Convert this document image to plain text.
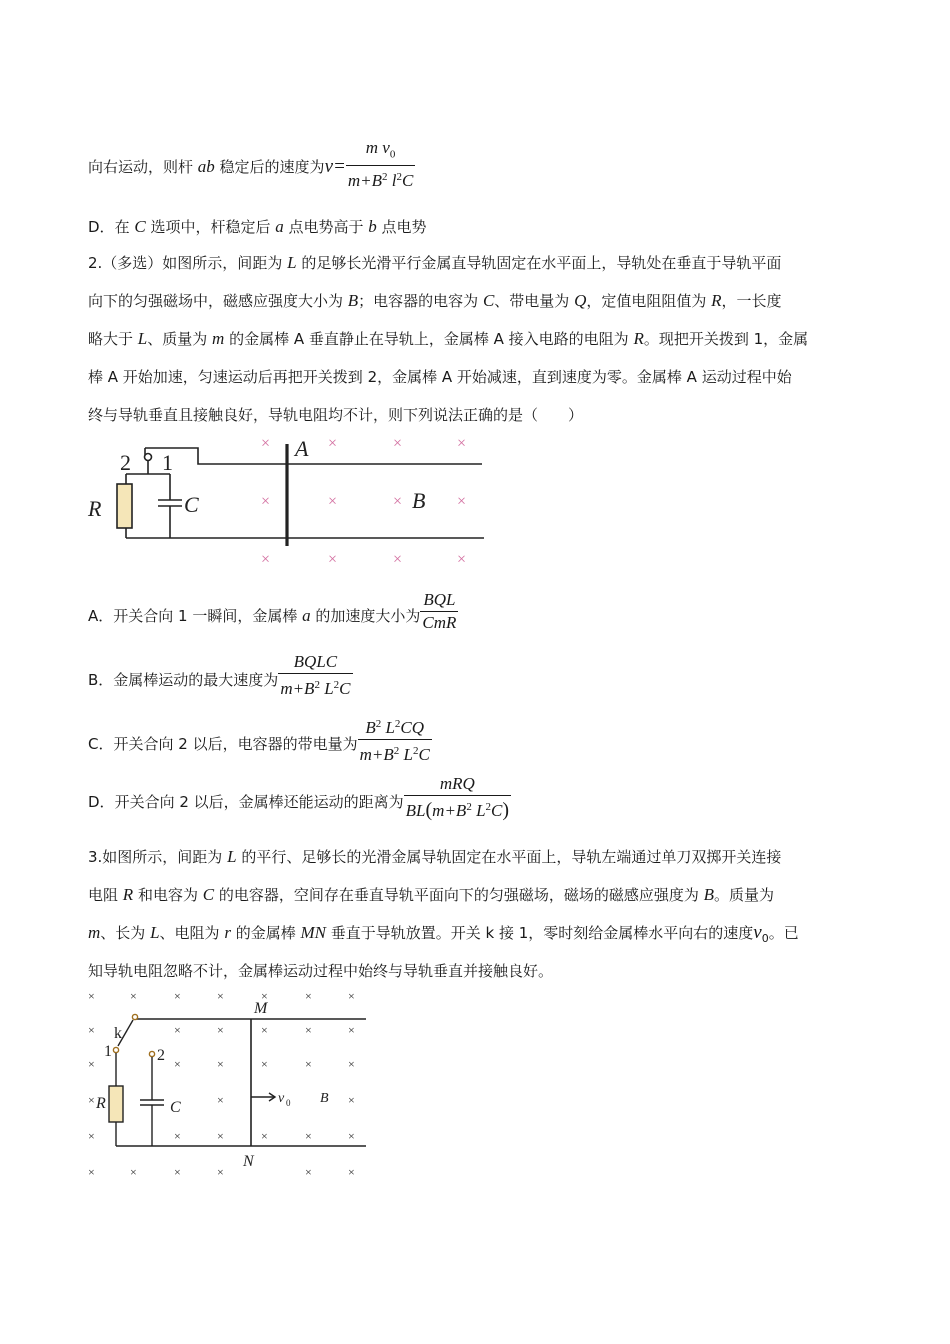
向右运动，则杆 ab 稳定后的速度为$v= \frac{m v_0}{m+B^2 l^2C}$
D．在 C 选项中，杆稳定后 a 点电势高于 b 点电势
2.（多选）如图所示，间距为 L 的足够长光滑平行金属直导轨固定在水平面上，导轨处在垂直于导轨平面
向下的匀强磁场中，磁感应强度大小为 B；电容器的电容为 C、带电量为 Q，定值电阻阻值为 R，一长度
略大于 L、质量为 m 的金属棒 A 垂直静止在导轨上，金属棒 A 接入电路的电阻为 R。现把开关拨到 1，金属
棒 A 开始加速，匀速运动后再把开关拨到 2，金属棒 A 开始减速，直到速度为零。金属棒 A 运动过程中始
终与导轨垂直且接触良好，导轨电阻均不计，则下列说法正确的是（　　）
2 1
R	C
A
B
×	×	×	×
×	×	×	×
×	×	×	×
A．开关合向 1 一瞬间，金属棒 a 的加速度大小为 $\frac{\text{BQL}}{\text{CmR}}$
B．金属棒运动的最大速度为 $\frac{\text{BQLC}}{m+B^2 L^2C}$
C．开关合向 2 以后，电容器的带电量为 $\frac{B^2 L^2CQ}{m+B^2 L^2C}$
D．开关合向 2 以后，金属棒还能运动的距离为 $\frac{\text{mRQ}}{BL(m+B^2 L^2C)}$
3.如图所示，间距为 L 的平行、足够长的光滑金属导轨固定在水平面上，导轨左端通过单刀双掷开关连接
电阻 R 和电容为 C 的电容器，空间存在垂直导轨平面向下的匀强磁场，磁场的磁感应强度为 B。质量为
m、长为 L、电阻为 r 的金属棒 MN 垂直于导轨放置。开关 k 接 1，零时刻给金属棒水平向右的速度$v_0$。已
知导轨电阻忽略不计，金属棒运动过程中始终与导轨垂直并接触良好。
M
N
k
1	2
R	C
v 0 B
×	×	×	×	×	×	×
×	×	×	×	×	×
×	×	×	×	×	×
×	×	×
×	×	×	×	×	×
×	×	×	×	×	×
